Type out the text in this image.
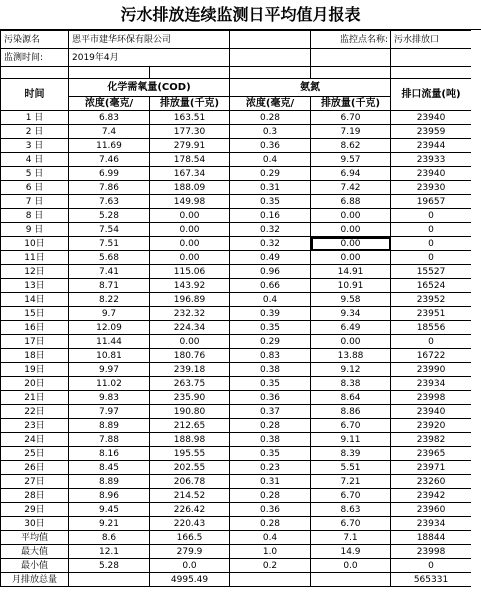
污水排放连续监测日平均值月报表
污染源名	恩平市建华环保有限公司			监控点名称:	污水排放口
监测时间:	2019年4月				

时间	化学需氧量(COD)		氨氮		排口流量(吨)
	浓度(毫克/	排放量(千克)	浓度(毫克/	排放量(千克)	
1 日	6.83	163.51	0.28	6.70	23940
2 日	7.4	177.30	0.3	7.19	23959
3 日	11.69	279.91	0.36	8.62	23944
4 日	7.46	178.54	0.4	9.57	23933
5 日	6.99	167.34	0.29	6.94	23940
6 日	7.86	188.09	0.31	7.42	23930
7 日	7.63	149.98	0.35	6.88	19657
8 日	5.28	0.00	0.16	0.00	0
9 日	7.54	0.00	0.32	0.00	0
10日	7.51	0.00	0.32	0.00	0
11日	5.68	0.00	0.49	0.00	0
12日	7.41	115.06	0.96	14.91	15527
13日	8.71	143.92	0.66	10.91	16524
14日	8.22	196.89	0.4	9.58	23952
15日	9.7	232.32	0.39	9.34	23951
16日	12.09	224.34	0.35	6.49	18556
17日	11.44	0.00	0.29	0.00	0
18日	10.81	180.76	0.83	13.88	16722
19日	9.97	239.18	0.38	9.12	23990
20日	11.02	263.75	0.35	8.38	23934
21日	9.83	235.90	0.36	8.64	23998
22日	7.97	190.80	0.37	8.86	23940
23日	8.89	212.65	0.28	6.70	23920
24日	7.88	188.98	0.38	9.11	23982
25日	8.16	195.55	0.35	8.39	23965
26日	8.45	202.55	0.23	5.51	23971
27日	8.89	206.78	0.31	7.21	23260
28日	8.96	214.52	0.28	6.70	23942
29日	9.45	226.42	0.36	8.63	23960
30日	9.21	220.43	0.28	6.70	23934
平均值	8.6	166.5	0.4	7.1	18844
最大值	12.1	279.9	1.0	14.9	23998
最小值	5.28	0.0	0.2	0.0	0
月排放总量		4995.49			565331
